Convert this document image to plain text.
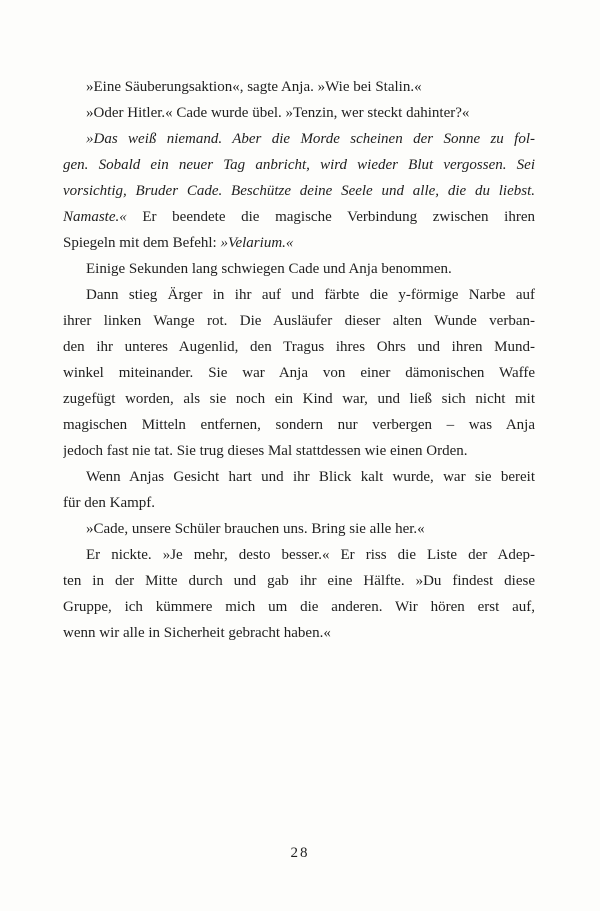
»Eine Säuberungsaktion«, sagte Anja. »Wie bei Stalin.«
»Oder Hitler.« Cade wurde übel. »Tenzin, wer steckt dahinter?«
»Das weiß niemand. Aber die Morde scheinen der Sonne zu fol-
gen. Sobald ein neuer Tag anbricht, wird wieder Blut vergossen. Sei
vorsichtig, Bruder Cade. Beschütze deine Seele und alle, die du liebst.
Namaste.« Er beendete die magische Verbindung zwischen ihren
Spiegeln mit dem Befehl: »Velarium.«
Einige Sekunden lang schwiegen Cade und Anja benommen.
Dann stieg Ärger in ihr auf und färbte die y-förmige Narbe auf
ihrer linken Wange rot. Die Ausläufer dieser alten Wunde verban-
den ihr unteres Augenlid, den Tragus ihres Ohrs und ihren Mund-
winkel miteinander. Sie war Anja von einer dämonischen Waffe
zugefügt worden, als sie noch ein Kind war, und ließ sich nicht mit
magischen Mitteln entfernen, sondern nur verbergen – was Anja
jedoch fast nie tat. Sie trug dieses Mal stattdessen wie einen Orden.
Wenn Anjas Gesicht hart und ihr Blick kalt wurde, war sie bereit
für den Kampf.
»Cade, unsere Schüler brauchen uns. Bring sie alle her.«
Er nickte. »Je mehr, desto besser.« Er riss die Liste der Adep-
ten in der Mitte durch und gab ihr eine Hälfte. »Du findest diese
Gruppe, ich kümmere mich um die anderen. Wir hören erst auf,
wenn wir alle in Sicherheit gebracht haben.«
28
